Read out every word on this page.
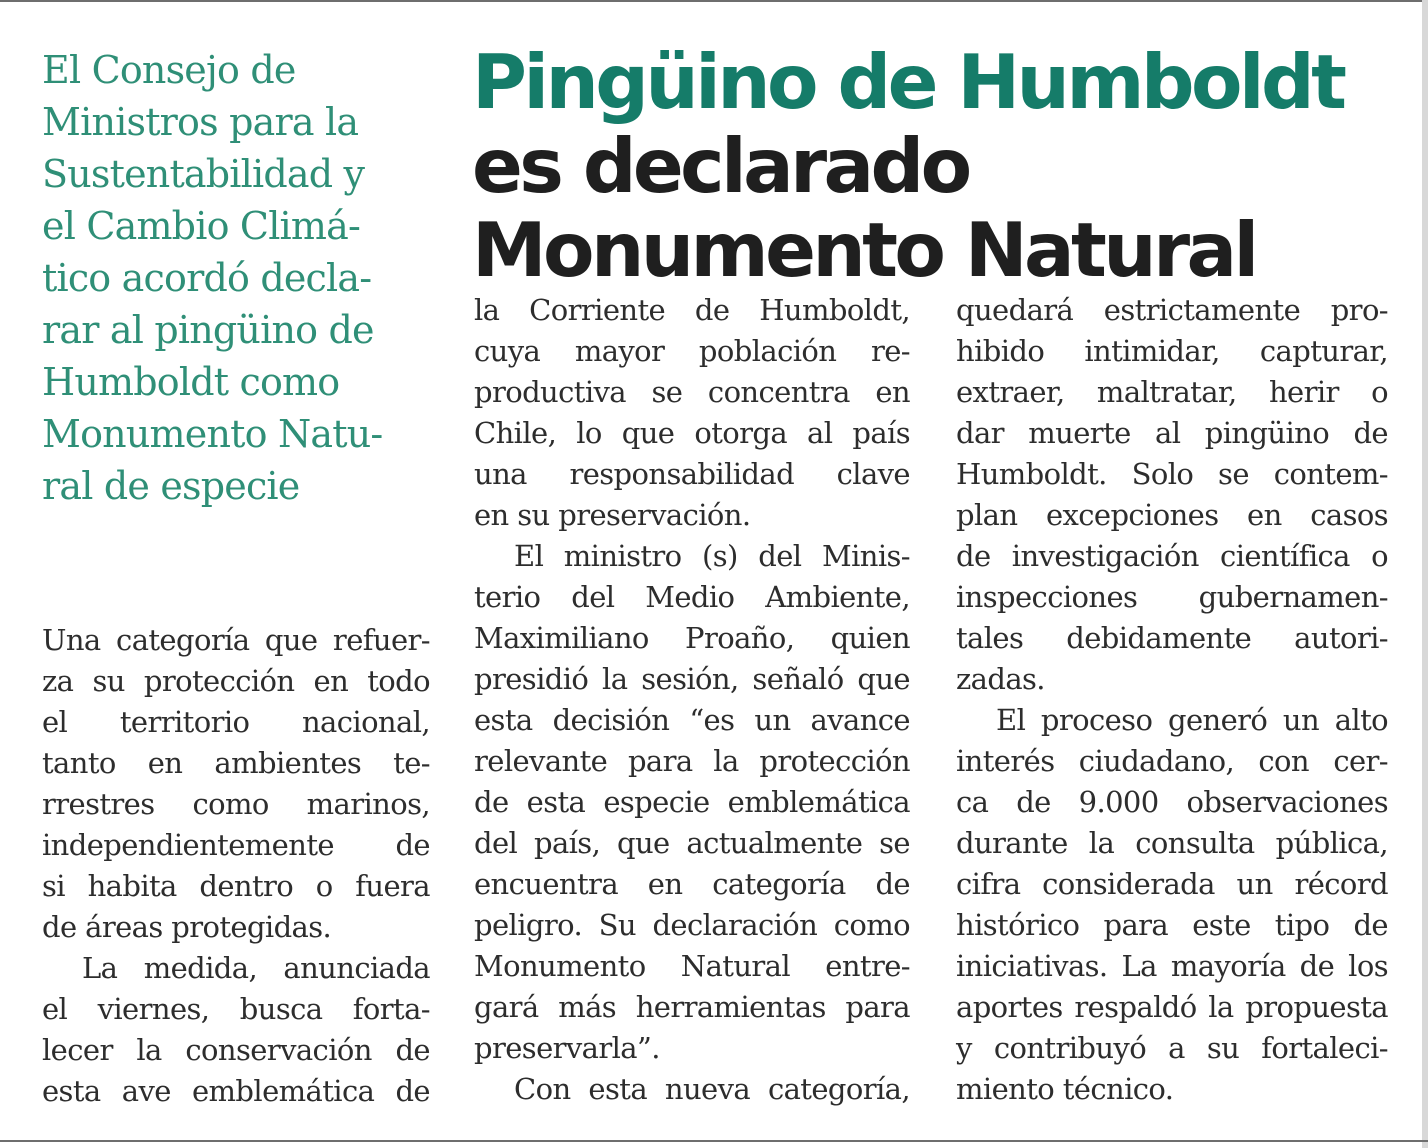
El Consejo de
Ministros para la
Sustentabilidad y
el Cambio Climá-
tico acordó decla-
rar al pingüino de
Humboldt como
Monumento Natu-
ral de especie
Pingüino de Humboldt
es declarado
Monumento Natural
Una categoría que refuer-
za su protección en todo
el territorio nacional,
tanto en ambientes te-
rrestres como marinos,
independientemente de
si habita dentro o fuera
de áreas protegidas.
La medida, anunciada
el viernes, busca forta-
lecer la conservación de
esta ave emblemática de
la Corriente de Humboldt,
cuya mayor población re-
productiva se concentra en
Chile, lo que otorga al país
una responsabilidad clave
en su preservación.
El ministro (s) del Minis-
terio del Medio Ambiente,
Maximiliano Proaño, quien
presidió la sesión, señaló que
esta decisión “es un avance
relevante para la protección
de esta especie emblemática
del país, que actualmente se
encuentra en categoría de
peligro. Su declaración como
Monumento Natural entre-
gará más herramientas para
preservarla”.
Con esta nueva categoría,
quedará estrictamente pro-
hibido intimidar, capturar,
extraer, maltratar, herir o
dar muerte al pingüino de
Humboldt. Solo se contem-
plan excepciones en casos
de investigación científica o
inspecciones gubernamen-
tales debidamente autori-
zadas.
El proceso generó un alto
interés ciudadano, con cer-
ca de 9.000 observaciones
durante la consulta pública,
cifra considerada un récord
histórico para este tipo de
iniciativas. La mayoría de los
aportes respaldó la propuesta
y contribuyó a su fortaleci-
miento técnico.
